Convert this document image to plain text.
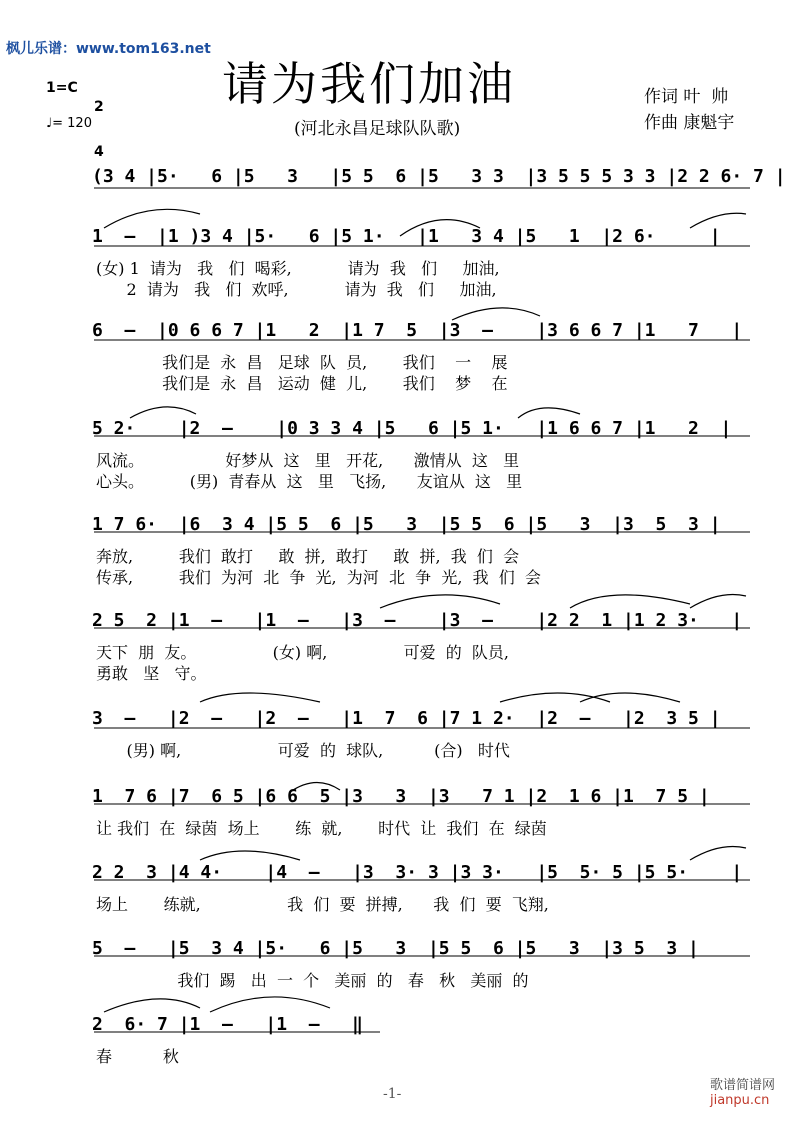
枫儿乐谱：www.tom163.net
请为我们加油
(河北永昌足球队队歌)
1=C

2

4

♩= 120
作词 叶  帅
作曲 康魁宇
(3 4 |5·   6 |5   3   |5 5  6 |5   3 3  |3 5 5 5 3 3 |2 2 6· 7 |
1  –  |1 )3 4 |5·   6 |5 1·   |1   3 4 |5   1  |2 6·     |
(女) 1  请为   我   们  喝彩,           请为  我   们     加油,
2  请为   我   们  欢呼,           请为  我   们     加油,
6  –  |0 6 6 7 |1   2  |1 7  5  |3  –    |3 6 6 7 |1   7   |
我们是  永  昌   足球  队  员,       我们    一    展
我们是  永  昌   运动  健  儿,       我们    梦    在
5 2·    |2  –    |0 3 3 4 |5   6 |5 1·   |1 6 6 7 |1   2  |
风流。                好梦从  这   里   开花,      激情从  这   里
心头。         (男)  青春从  这   里   飞扬,      友谊从  这   里
1 7 6·  |6  3 4 |5 5  6 |5   3  |5 5  6 |5   3  |3  5  3 |
奔放,         我们  敢打     敢  拼,  敢打     敢  拼,  我  们  会
传承,         我们  为河  北  争  光,  为河  北  争  光,  我  们  会
2 5  2 |1  –   |1  –   |3  –    |3  –    |2 2  1 |1 2 3·   |
天下  朋  友。               (女) 啊,               可爱  的  队员,
勇敢   坚   守。
3  –   |2  –   |2  –   |1  7  6 |7 1 2·  |2  –   |2  3 5 |
(男) 啊,                   可爱  的  球队,          (合)   时代
1  7 6 |7  6 5 |6 6  5 |3   3  |3   7 1 |2  1 6 |1  7 5 |
让 我们  在  绿茵  场上       练  就,       时代  让  我们  在  绿茵
2 2  3 |4 4·    |4  –   |3  3· 3 |3 3·   |5  5· 5 |5 5·    |
场上       练就,                 我  们  要  拼搏,      我  们  要  飞翔,
5  –   |5  3 4 |5·   6 |5   3  |5 5  6 |5   3  |3 5  3 |
我们  踢   出  一  个   美丽  的   春   秋   美丽  的
2  6· 7 |1  –   |1  –   ‖
春          秋
-1-

歌谱简谱网
jianpu.cn
